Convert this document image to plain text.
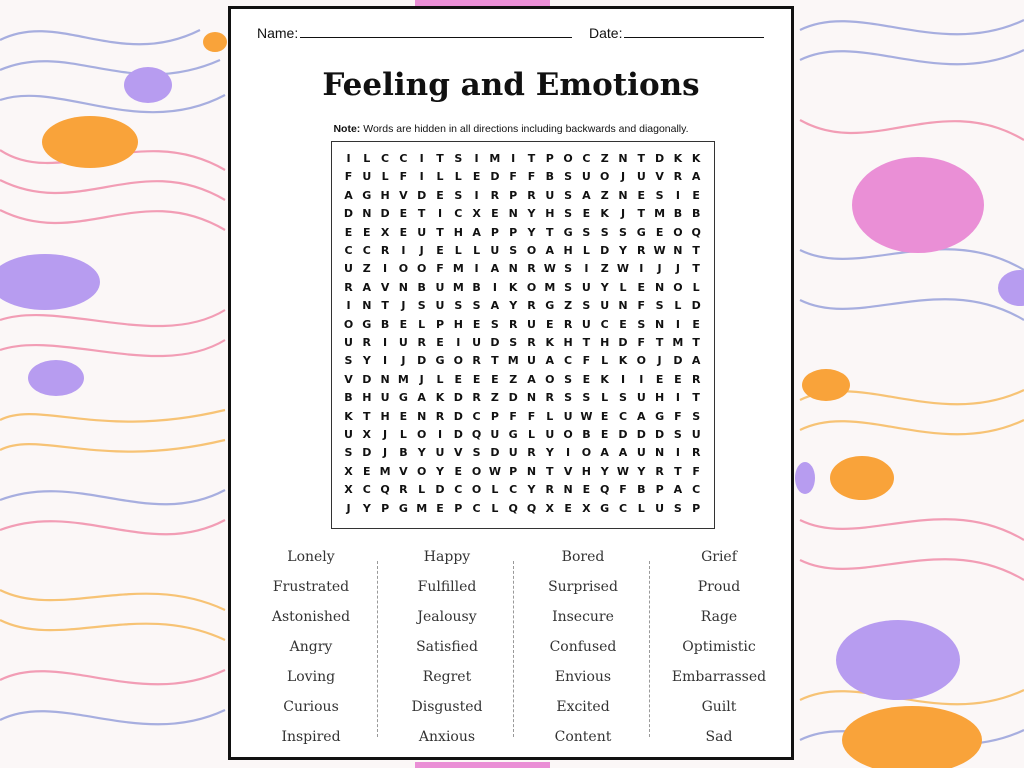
Name:	Date:
Feeling and Emotions
Note: Words are hidden in all directions including backwards and diagonally.
I	L C C	I	T S	I M I	T P O C Z N T D K K
F U L	F	I	L	L	E D F F B S U O	J	U V R A
A G H V D E S	I	R P R U S A Z N E S	I	E
D N D E T	I	C X E N Y H S E K	J	T M B B
E E X E U T H A P P Y T G S S S G E O Q
C C R	I	J	E	L	L U S O A H L D Y R W N T
U Z	I	O O F M I	A N R W S	I	Z W I	J	J	T
R A V N B U M B	I	K O M S U Y L	E N O L
I	N T	J	S U S S A Y R G Z S U N F S L D
O G B E	L P H E S R U E R U C E S N	I	E
U R	I	U R E	I	U D S R K H T H D F T M T
S Y	I	J	D G O R T M U A C F	L K O	J	D A
V D N M J	L	E E E Z A O S E K	I	I	E E R
B H U G A K D R Z D N R S S L S U H	I	T
K T H E N R D C P F F	L U W E C A G F S
U X	J	L O	I	D Q U G L U O B E D D D S U
S D	J	B Y U V S D U R Y	I	O A A U N	I	R
X E M V O Y E O W P N T V H Y W Y R T F
X C Q R L D C O L C Y R N E Q F B P A C
J	Y P G M E P C L Q Q X E X G C L U S P
Lonely
Frustrated
Astonished
Angry
Loving
Curious
Inspired
Happy
Fulfilled
Jealousy
Satisfied
Regret
Disgusted
Anxious
Bored
Surprised
Insecure
Confused
Envious
Excited
Content
Grief
Proud
Rage
Optimistic
Embarrassed
Guilt
Sad
